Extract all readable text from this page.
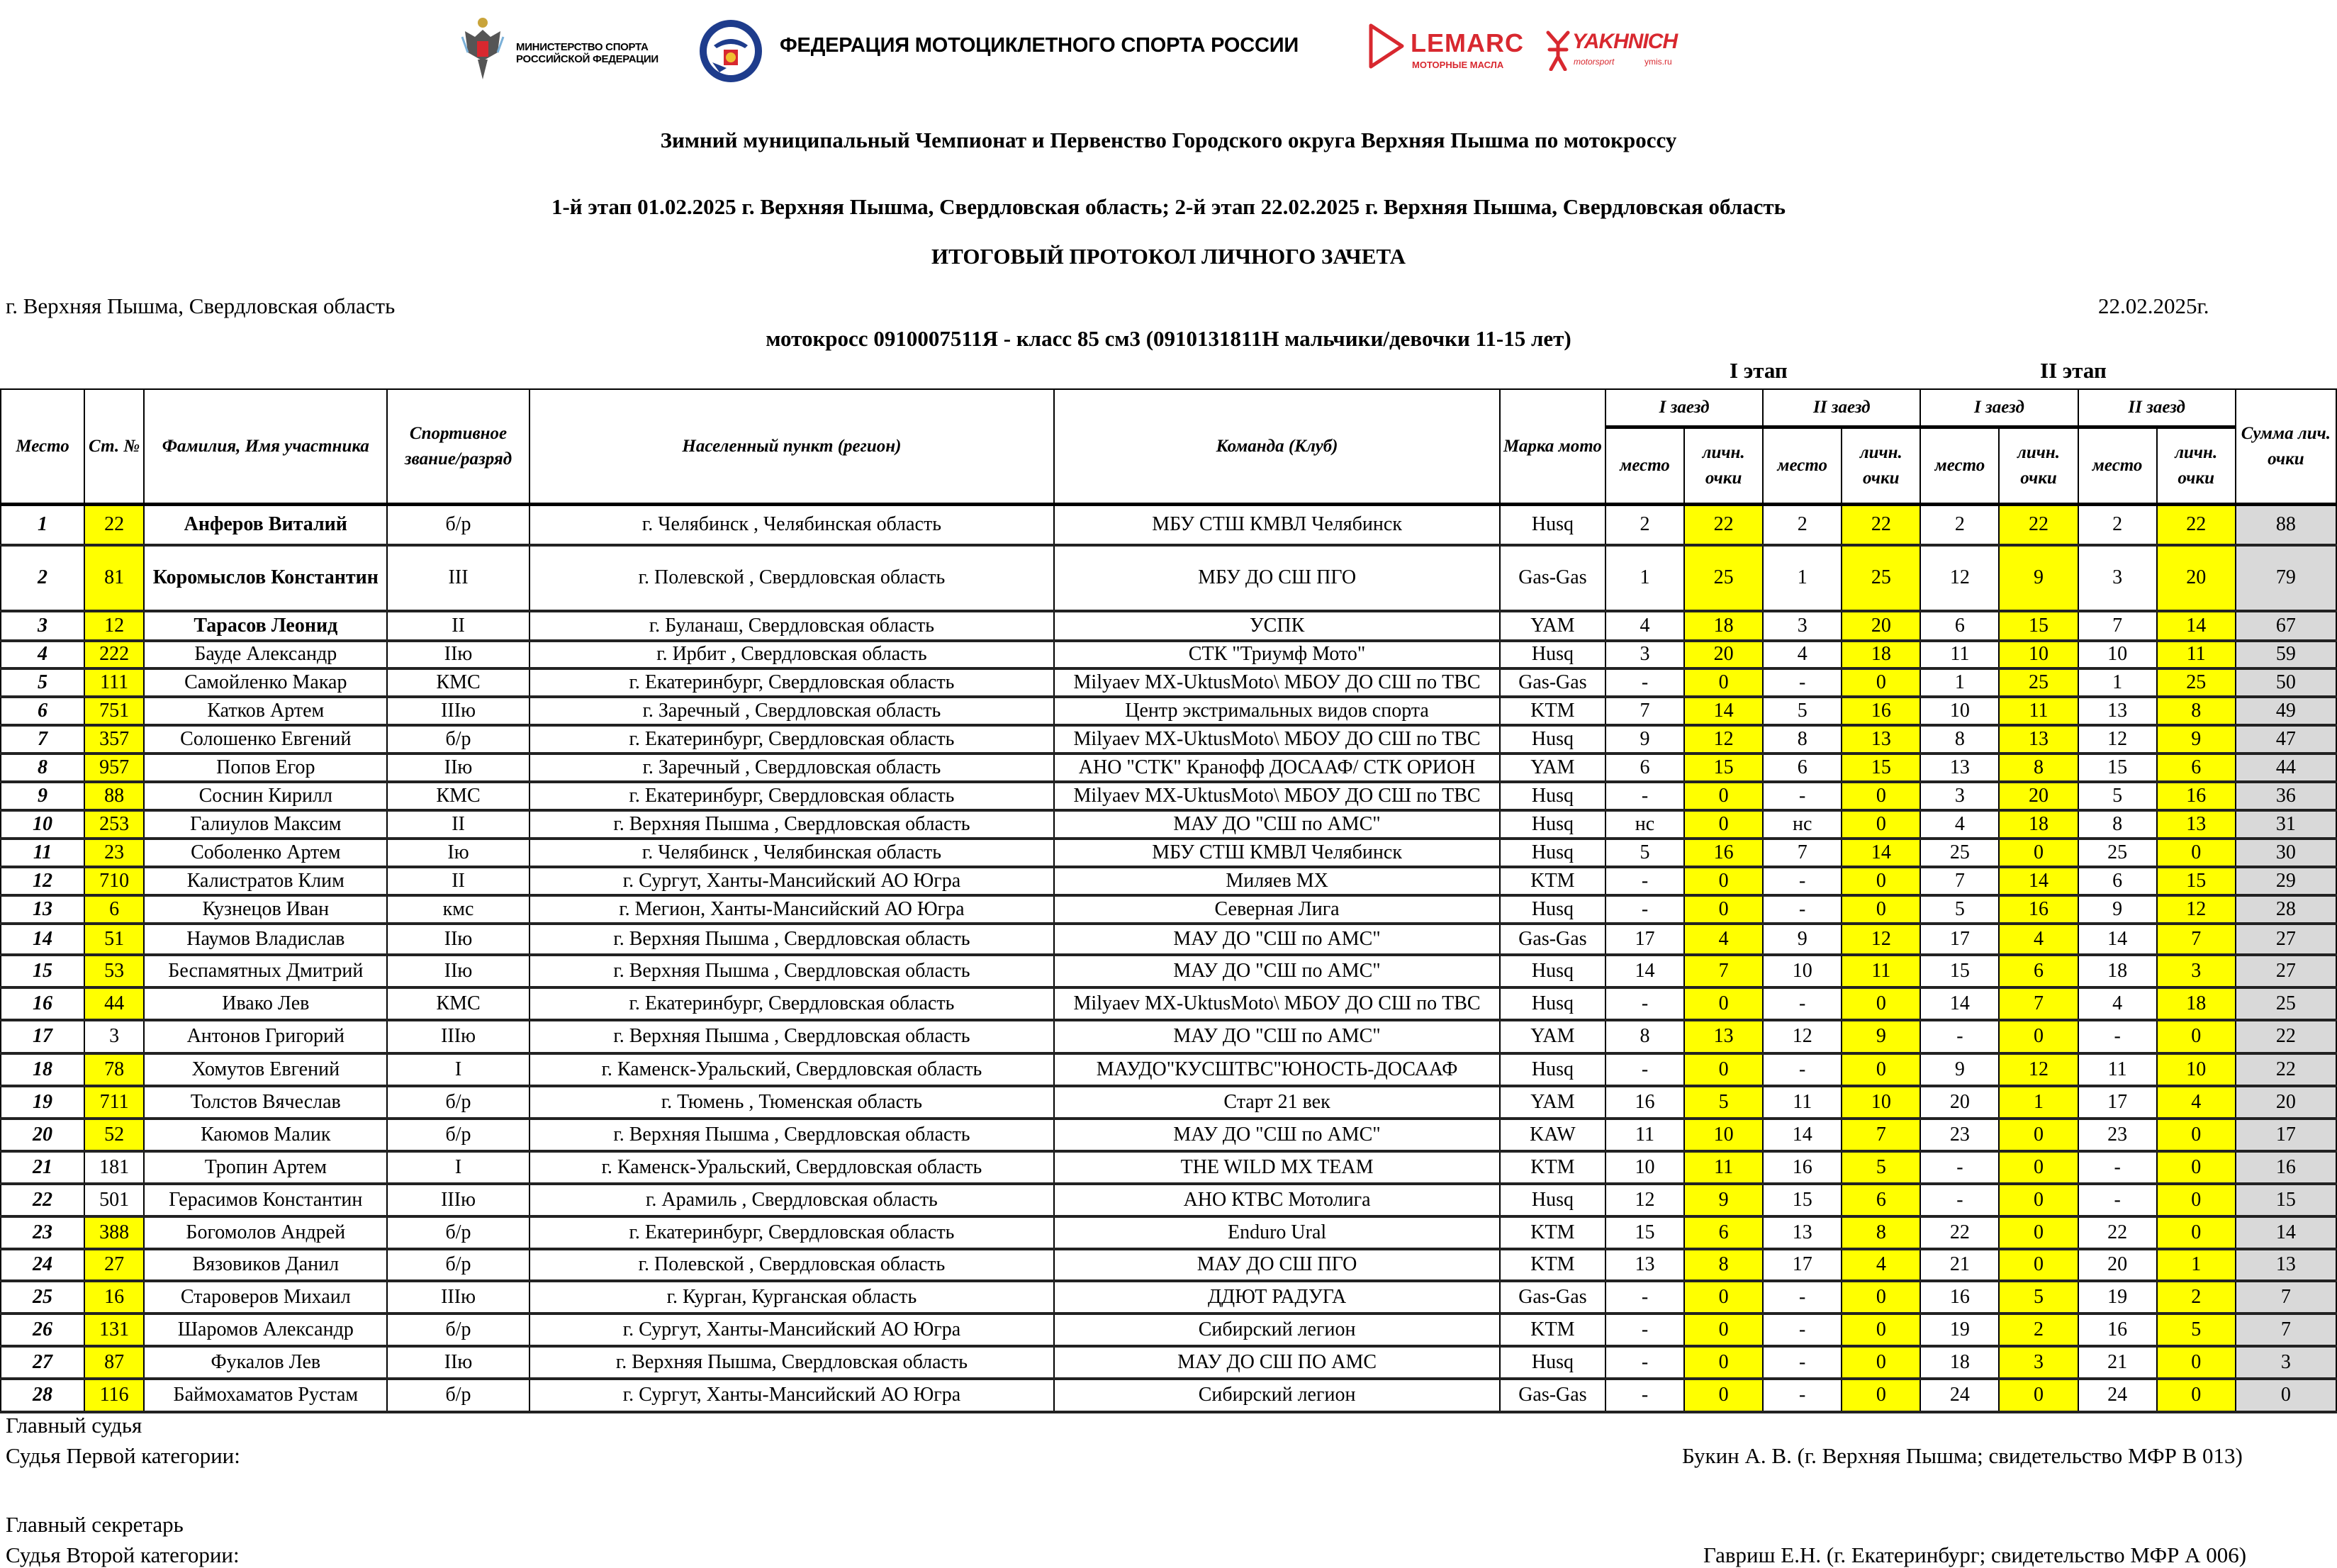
МИНИСТЕРСТВО СПОРТА
РОССИЙСКОЙ ФЕДЕРАЦИИ
ФЕДЕРАЦИЯ МОТОЦИКЛЕТНОГО СПОРТА РОССИИ	LEMARC
МОТОРНЫЕ МАСЛА
YAKHNICH
motorsport	ymis.ru
Зимний муниципальный Чемпионат и Первенство Городского округа Верхняя Пышма по мотокроссу
1-й этап 01.02.2025 г. Верхняя Пышма, Свердловская область; 2-й этап 22.02.2025 г. Верхняя Пышма, Свердловская область
ИТОГОВЫЙ ПРОТОКОЛ ЛИЧНОГО ЗАЧЕТА
г. Верхняя Пышма, Свердловская область	22.02.2025г.
мотокросс 0910007511Я - класс 85 см3 (0910131811Н мальчики/девочки 11-15 лет)
I этап	II этап
Место	Ст. №	Фамилия, Имя участника	Спортивное звание/разряд	Населенный пункт (регион)	Команда (Клуб)	Марка мото	I заезд		II заезд		I заезд		II заезд		Сумма лич. очки
							место	личн. очки	место	личн. очки	место	личн. очки	место	личн. очки	
1	22	Анферов Виталий	б/р	г. Челябинск , Челябинская область	МБУ СТШ КМВЛ Челябинск	Husq	2	22	2	22	2	22	2	22	88
2	81	Коромыслов Константин	III	г. Полевской , Свердловская область	МБУ ДО СШ ПГО	Gas-Gas	1	25	1	25	12	9	3	20	79
3	12	Тарасов Леонид	II	г. Буланаш, Свердловская область	УСПК	YAM	4	18	3	20	6	15	7	14	67
4	222	Бауде Александр	IIю	г. Ирбит , Свердловская область	СТК "Триумф Мото"	Husq	3	20	4	18	11	10	10	11	59
5	111	Самойленко Макар	КМС	г. Екатеринбург, Свердловская область	Milyaev MX-UktusMoto\ МБОУ ДО СШ по ТВС	Gas-Gas	-	0	-	0	1	25	1	25	50
6	751	Катков Артем	IIIю	г. Заречный , Свердловская область	Центр экстримальных видов спорта	KTM	7	14	5	16	10	11	13	8	49
7	357	Солошенко Евгений	б/р	г. Екатеринбург, Свердловская область	Milyaev MX-UktusMoto\ МБОУ ДО СШ по ТВС	Husq	9	12	8	13	8	13	12	9	47
8	957	Попов Егор	IIю	г. Заречный , Свердловская область	АНО "СТК" Кранофф ДОСААФ/ СТК ОРИОН	YAM	6	15	6	15	13	8	15	6	44
9	88	Соснин Кирилл	КМС	г. Екатеринбург, Свердловская область	Milyaev MX-UktusMoto\ МБОУ ДО СШ по ТВС	Husq	-	0	-	0	3	20	5	16	36
10	253	Галиулов Максим	II	г. Верхняя Пышма , Свердловская область	МАУ ДО "СШ по АМС"	Husq	нс	0	нс	0	4	18	8	13	31
11	23	Соболенко Артем	Iю	г. Челябинск , Челябинская область	МБУ СТШ КМВЛ Челябинск	Husq	5	16	7	14	25	0	25	0	30
12	710	Калистратов Клим	II	г. Сургут, Ханты-Мансийский АО Югра	Миляев МХ	KTM	-	0	-	0	7	14	6	15	29
13	6	Кузнецов Иван	кмс	г. Мегион, Ханты-Мансийский АО Югра	Северная Лига	Husq	-	0	-	0	5	16	9	12	28
14	51	Наумов Владислав	IIю	г. Верхняя Пышма , Свердловская область	МАУ ДО "СШ по АМС"	Gas-Gas	17	4	9	12	17	4	14	7	27
15	53	Беспамятных Дмитрий	IIю	г. Верхняя Пышма , Свердловская область	МАУ ДО "СШ по АМС"	Husq	14	7	10	11	15	6	18	3	27
16	44	Ивако Лев	КМС	г. Екатеринбург, Свердловская область	Milyaev MX-UktusMoto\ МБОУ ДО СШ по ТВС	Husq	-	0	-	0	14	7	4	18	25
17	3	Антонов Григорий	IIIю	г. Верхняя Пышма , Свердловская область	МАУ ДО "СШ по АМС"	YAM	8	13	12	9	-	0	-	0	22
18	78	Хомутов Евгений	I	г. Каменск-Уральский, Свердловская область	МАУДО"КУСШТВС"ЮНОСТЬ-ДОСААФ	Husq	-	0	-	0	9	12	11	10	22
19	711	Толстов Вячеслав	б/р	г. Тюмень , Тюменская область	Старт 21 век	YAM	16	5	11	10	20	1	17	4	20
20	52	Каюмов Малик	б/р	г. Верхняя Пышма , Свердловская область	МАУ ДО "СШ по АМС"	KAW	11	10	14	7	23	0	23	0	17
21	181	Тропин Артем	I	г. Каменск-Уральский, Свердловская область	THE WILD MX TEAM	KTM	10	11	16	5	-	0	-	0	16
22	501	Герасимов Константин	IIIю	г. Арамиль , Свердловская область	АНО КТВС Мотолига	Husq	12	9	15	6	-	0	-	0	15
23	388	Богомолов Андрей	б/р	г. Екатеринбург, Свердловская область	Enduro Ural	KTM	15	6	13	8	22	0	22	0	14
24	27	Вязовиков Данил	б/р	г. Полевской , Свердловская область	МАУ ДО СШ ПГО	KTM	13	8	17	4	21	0	20	1	13
25	16	Староверов Михаил	IIIю	г. Курган, Курганская область	ДДЮТ РАДУГА	Gas-Gas	-	0	-	0	16	5	19	2	7
26	131	Шаромов Александр	б/р	г. Сургут, Ханты-Мансийский АО Югра	Сибирский легион	KTM	-	0	-	0	19	2	16	5	7
27	87	Фукалов Лев	IIю	г. Верхняя Пышма, Свердловская область	МАУ ДО СШ ПО АМС	Husq	-	0	-	0	18	3	21	0	3
28	116	Баймохаматов Рустам	б/р	г. Сургут, Ханты-Мансийский АО Югра	Сибирский легион	Gas-Gas	-	0	-	0	24	0	24	0	0
Главный судья
Судья Первой категории:	Букин А. В. (г. Верхняя Пышма; свидетельство МФР В 013)
Главный секретарь
Судья Второй категории:	Гавриш Е.Н. (г. Екатеринбург; свидетельство МФР А 006)
